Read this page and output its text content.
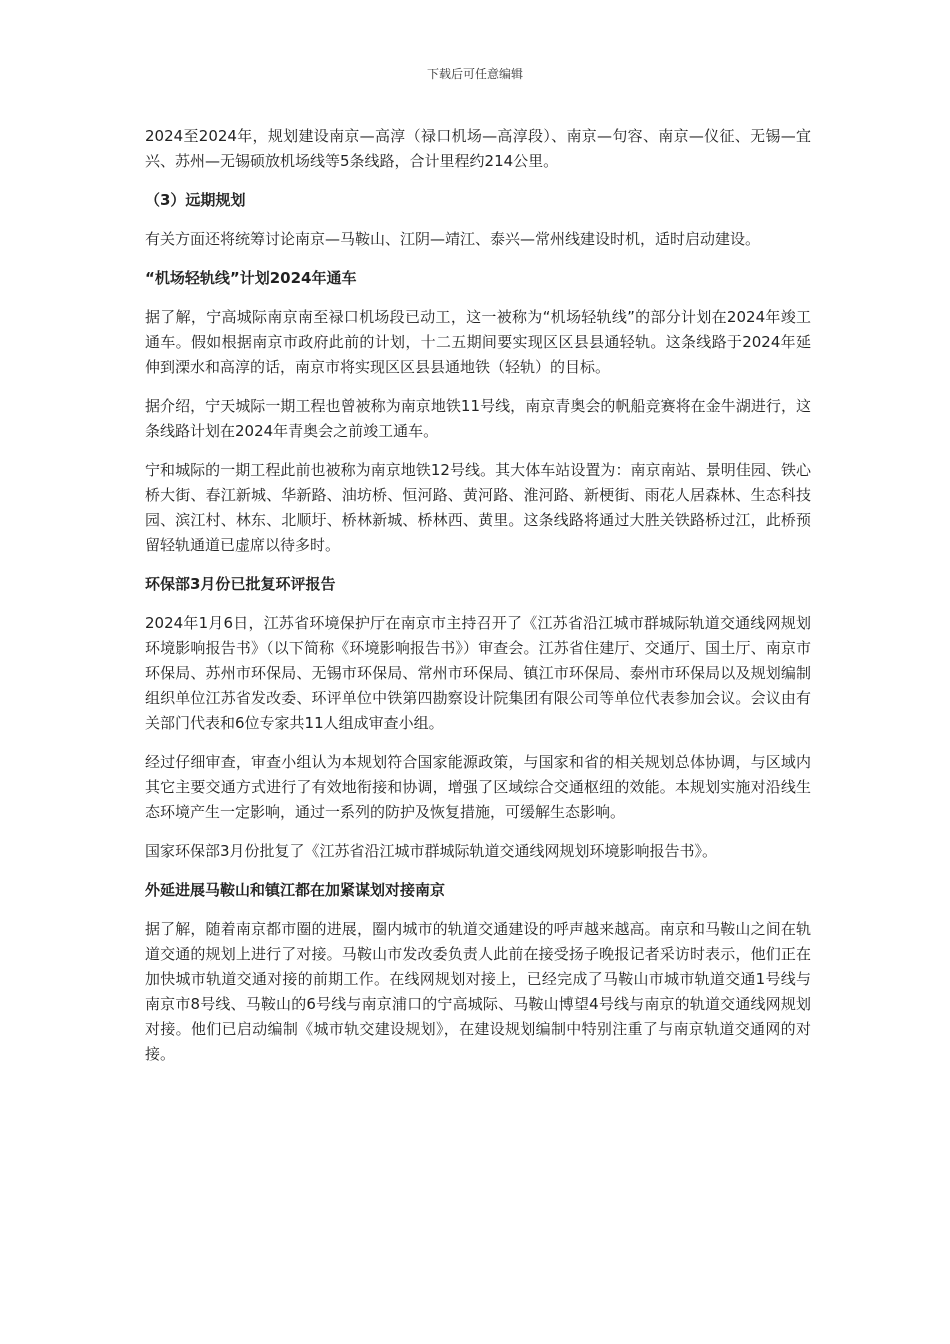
下载后可任意编辑

2024至2024年，规划建设南京—高淳（禄口机场—高淳段）、南京—句容、南京—仪征、无锡—宜兴、苏州—无锡硕放机场线等5条线路，合计里程约214公里。

（3）远期规划

有关方面还将统筹讨论南京—马鞍山、江阴—靖江、泰兴—常州线建设时机，适时启动建设。

“机场轻轨线”计划2024年通车

据了解，宁高城际南京南至禄口机场段已动工，这一被称为“机场轻轨线”的部分计划在2024年竣工通车。假如根据南京市政府此前的计划，十二五期间要实现区区县县通轻轨。这条线路于2024年延伸到溧水和高淳的话，南京市将实现区区县县通地铁（轻轨）的目标。

据介绍，宁天城际一期工程也曾被称为南京地铁11号线，南京青奥会的帆船竞赛将在金牛湖进行，这条线路计划在2024年青奥会之前竣工通车。

宁和城际的一期工程此前也被称为南京地铁12号线。其大体车站设置为：南京南站、景明佳园、铁心桥大街、春江新城、华新路、油坊桥、恒河路、黄河路、淮河路、新梗街、雨花人居森林、生态科技园、滨江村、林东、北顺圩、桥林新城、桥林西、黄里。这条线路将通过大胜关铁路桥过江，此桥预留轻轨通道已虚席以待多时。

环保部3月份已批复环评报告

2024年1月6日，江苏省环境保护厅在南京市主持召开了《江苏省沿江城市群城际轨道交通线网规划环境影响报告书》（以下简称《环境影响报告书》）审查会。江苏省住建厅、交通厅、国土厅、南京市环保局、苏州市环保局、无锡市环保局、常州市环保局、镇江市环保局、泰州市环保局以及规划编制组织单位江苏省发改委、环评单位中铁第四勘察设计院集团有限公司等单位代表参加会议。会议由有关部门代表和6位专家共11人组成审查小组。

经过仔细审查，审查小组认为本规划符合国家能源政策，与国家和省的相关规划总体协调，与区域内其它主要交通方式进行了有效地衔接和协调，增强了区域综合交通枢纽的效能。本规划实施对沿线生态环境产生一定影响，通过一系列的防护及恢复措施，可缓解生态影响。

国家环保部3月份批复了《江苏省沿江城市群城际轨道交通线网规划环境影响报告书》。

外延进展马鞍山和镇江都在加紧谋划对接南京

据了解，随着南京都市圈的进展，圈内城市的轨道交通建设的呼声越来越高。南京和马鞍山之间在轨道交通的规划上进行了对接。马鞍山市发改委负责人此前在接受扬子晚报记者采访时表示，他们正在加快城市轨道交通对接的前期工作。在线网规划对接上，已经完成了马鞍山市城市轨道交通1号线与南京市8号线、马鞍山的6号线与南京浦口的宁高城际、马鞍山博望4号线与南京的轨道交通线网规划对接。他们已启动编制《城市轨交建设规划》，在建设规划编制中特别注重了与南京轨道交通网的对接。
